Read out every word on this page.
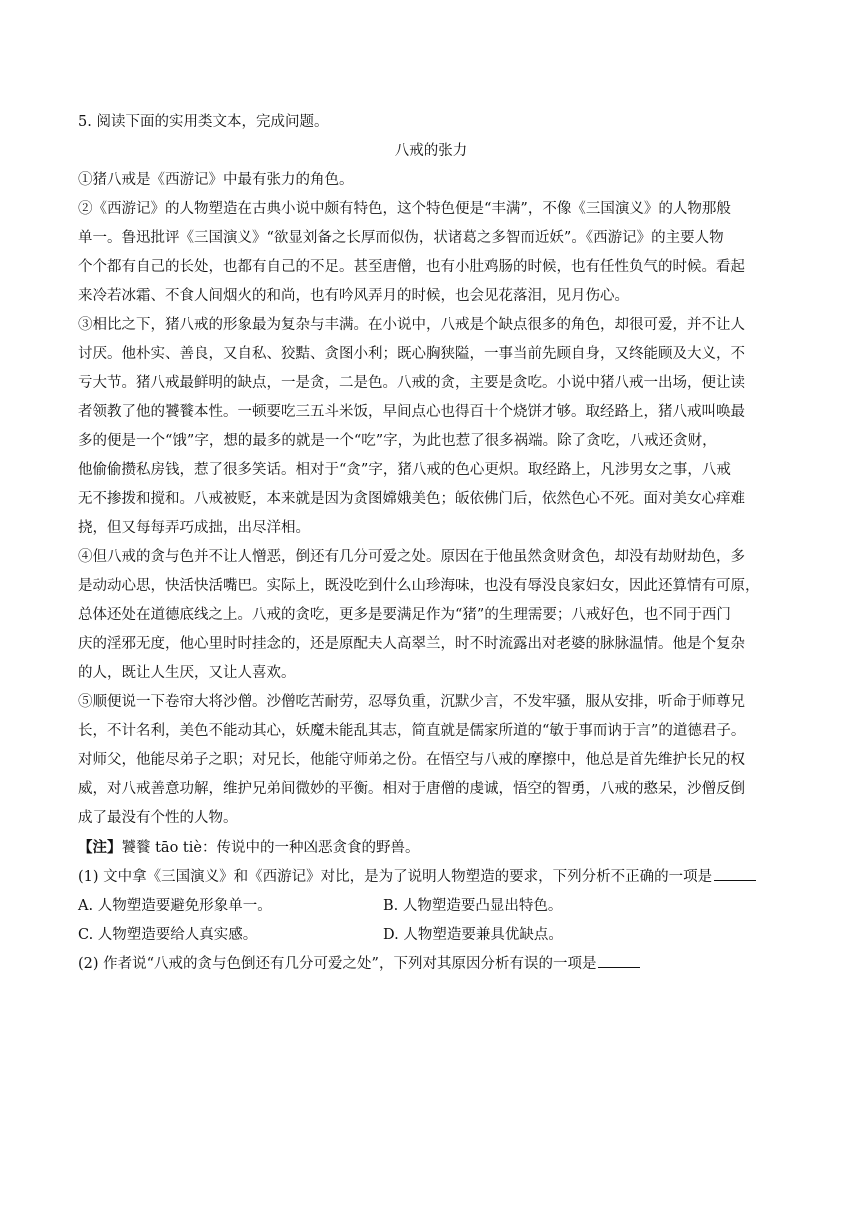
5. 阅读下面的实用类文本，完成问题。
八戒的张力
①猪八戒是《西游记》中最有张力的角色。
②《西游记》的人物塑造在古典小说中颇有特色，这个特色便是“丰满”，不像《三国演义》的人物那般
单一。鲁迅批评《三国演义》“欲显刘备之长厚而似伪，状诸葛之多智而近妖”。《西游记》的主要人物
个个都有自己的长处，也都有自己的不足。甚至唐僧，也有小肚鸡肠的时候，也有任性负气的时候。看起
来冷若冰霜、不食人间烟火的和尚，也有吟风弄月的时候，也会见花落泪，见月伤心。
③相比之下，猪八戒的形象最为复杂与丰满。在小说中，八戒是个缺点很多的角色，却很可爱，并不让人
讨厌。他朴实、善良，又自私、狡黠、贪图小利；既心胸狭隘，一事当前先顾自身，又终能顾及大义，不
亏大节。猪八戒最鲜明的缺点，一是贪，二是色。八戒的贪，主要是贪吃。小说中猪八戒一出场，便让读
者领教了他的饕餮本性。一顿要吃三五斗米饭，早间点心也得百十个烧饼才够。取经路上，猪八戒叫唤最
多的便是一个“饿”字，想的最多的就是一个“吃”字，为此也惹了很多祸端。除了贪吃，八戒还贪财，
他偷偷攒私房钱，惹了很多笑话。相对于“贪”字，猪八戒的色心更炽。取经路上，凡涉男女之事，八戒
无不掺拨和搅和。八戒被贬，本来就是因为贪图嫦娥美色；皈依佛门后，依然色心不死。面对美女心痒难
挠，但又每每弄巧成拙，出尽洋相。
④但八戒的贪与色并不让人憎恶，倒还有几分可爱之处。原因在于他虽然贪财贪色，却没有劫财劫色，多
是动动心思，快活快活嘴巴。实际上，既没吃到什么山珍海味，也没有辱没良家妇女，因此还算情有可原，
总体还处在道德底线之上。八戒的贪吃，更多是要满足作为“猪”的生理需要；八戒好色，也不同于西门
庆的淫邪无度，他心里时时挂念的，还是原配夫人高翠兰，时不时流露出对老婆的脉脉温情。他是个复杂
的人，既让人生厌，又让人喜欢。
⑤顺便说一下卷帘大将沙僧。沙僧吃苦耐劳，忍辱负重，沉默少言，不发牢骚，服从安排，听命于师尊兄
长，不计名利，美色不能动其心，妖魔未能乱其志，简直就是儒家所道的“敏于事而讷于言”的道德君子。
对师父，他能尽弟子之职；对兄长，他能守师弟之份。在悟空与八戒的摩擦中，他总是首先维护长兄的权
威，对八戒善意功解，维护兄弟间微妙的平衡。相对于唐僧的虔诚，悟空的智勇，八戒的憨呆，沙僧反倒
成了最没有个性的人物。
【注】饕餮 tāo tiè：传说中的一种凶恶贪食的野兽。
(1) 文中拿《三国演义》和《西游记》对比，是为了说明人物塑造的要求，下列分析不正确的一项是
A. 人物塑造要避免形象单一。	B. 人物塑造要凸显出特色。
C. 人物塑造要给人真实感。	D. 人物塑造要兼具优缺点。
(2) 作者说“八戒的贪与色倒还有几分可爱之处”，下列对其原因分析有误的一项是
